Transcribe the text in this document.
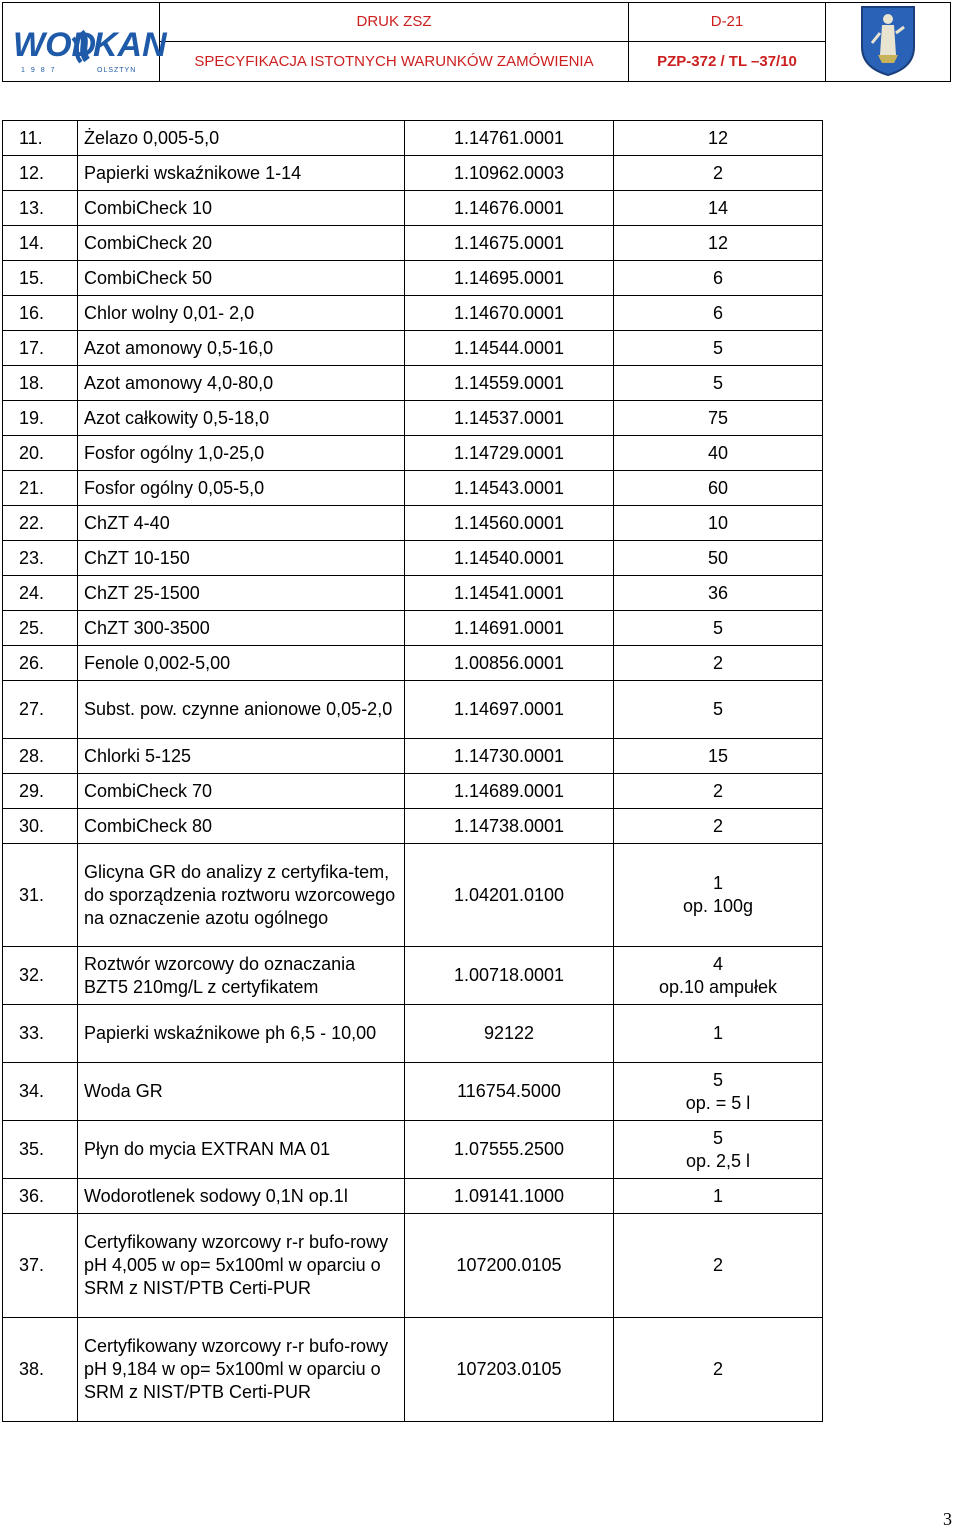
WOD
KAN
1987 OLSZTYN	DRUK ZSZ	D-21	
	SPECYFIKACJA ISTOTNYCH WARUNKÓW ZAMÓWIENIA	PZP-372 / TL –37/10	
11.	Żelazo 0,005-5,0	1.14761.0001	12

12.	Papierki wskaźnikowe 1-14	1.10962.0003	2

13.	CombiCheck 10	1.14676.0001	14

14.	CombiCheck 20	1.14675.0001	12

15.	CombiCheck 50	1.14695.0001	6

16.	Chlor wolny 0,01- 2,0	1.14670.0001	6

17.	Azot amonowy 0,5-16,0	1.14544.0001	5

18.	Azot amonowy 4,0-80,0	1.14559.0001	5

19.	Azot całkowity 0,5-18,0	1.14537.0001	75

20.	Fosfor ogólny 1,0-25,0	1.14729.0001	40

21.	Fosfor ogólny 0,05-5,0	1.14543.0001	60

22.	ChZT 4-40	1.14560.0001	10

23.	ChZT 10-150	1.14540.0001	50

24.	ChZT 25-1500	1.14541.0001	36

25.	ChZT 300-3500	1.14691.0001	5

26.	Fenole 0,002-5,00	1.00856.0001	2

27.	Subst. pow. czynne anionowe 0,05-2,0	1.14697.0001	5

28.	Chlorki 5-125	1.14730.0001	15

29.	CombiCheck 70	1.14689.0001	2

30.	CombiCheck 80	1.14738.0001	2

31.	Glicyna GR do analizy z certyfika-tem, do sporządzenia roztworu wzorcowego na oznaczenie azotu ogólnego	1.04201.0100	1
op. 100g

32.	Roztwór wzorcowy do oznaczania BZT5 210mg/L z certyfikatem	1.00718.0001	4
op.10 ampułek

33.	Papierki wskaźnikowe ph 6,5 - 10,00	92122	1

34.	Woda GR	116754.5000	5
op. = 5 l

35.	Płyn do mycia EXTRAN MA 01	1.07555.2500	5
op. 2,5 l

36.	Wodorotlenek sodowy 0,1N op.1l	1.09141.1000	1

37.	Certyfikowany wzorcowy r-r bufo-rowy pH 4,005 w op= 5x100ml w oparciu o SRM z NIST/PTB Certi-PUR	107200.0105	2

38.	Certyfikowany wzorcowy r-r bufo-rowy pH 9,184 w op= 5x100ml w oparciu o SRM z NIST/PTB Certi-PUR	107203.0105	2
3
